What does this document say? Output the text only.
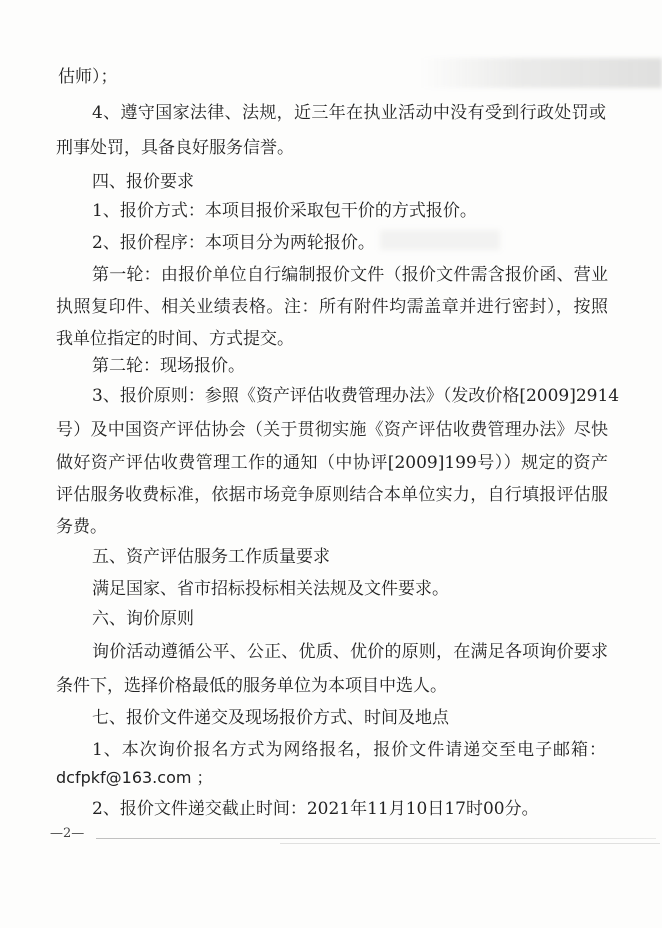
估师）；
4、遵守国家法律、法规，近三年在执业活动中没有受到行政处罚或
刑事处罚，具备良好服务信誉。
四、报价要求
1、报价方式：本项目报价采取包干价的方式报价。
2、报价程序：本项目分为两轮报价。
第一轮：由报价单位自行编制报价文件（报价文件需含报价函、营业
执照复印件、相关业绩表格。注：所有附件均需盖章并进行密封），按照
我单位指定的时间、方式提交。
第二轮：现场报价。
3、报价原则：参照《资产评估收费管理办法》（发改价格[2009]2914
号）及中国资产评估协会（关于贯彻实施《资产评估收费管理办法》尽快
做好资产评估收费管理工作的通知（中协评[2009]199号））规定的资产
评估服务收费标准，依据市场竞争原则结合本单位实力，自行填报评估服
务费。
五、资产评估服务工作质量要求
满足国家、省市招标投标相关法规及文件要求。
六、询价原则
询价活动遵循公平、公正、优质、优价的原则，在满足各项询价要求
条件下，选择价格最低的服务单位为本项目中选人。
七、报价文件递交及现场报价方式、时间及地点
1、本次询价报名方式为网络报名，报价文件请递交至电子邮箱：
dcfpkf@163.com ；
2、报价文件递交截止时间：2021年11月10日17时00分。
—2—
